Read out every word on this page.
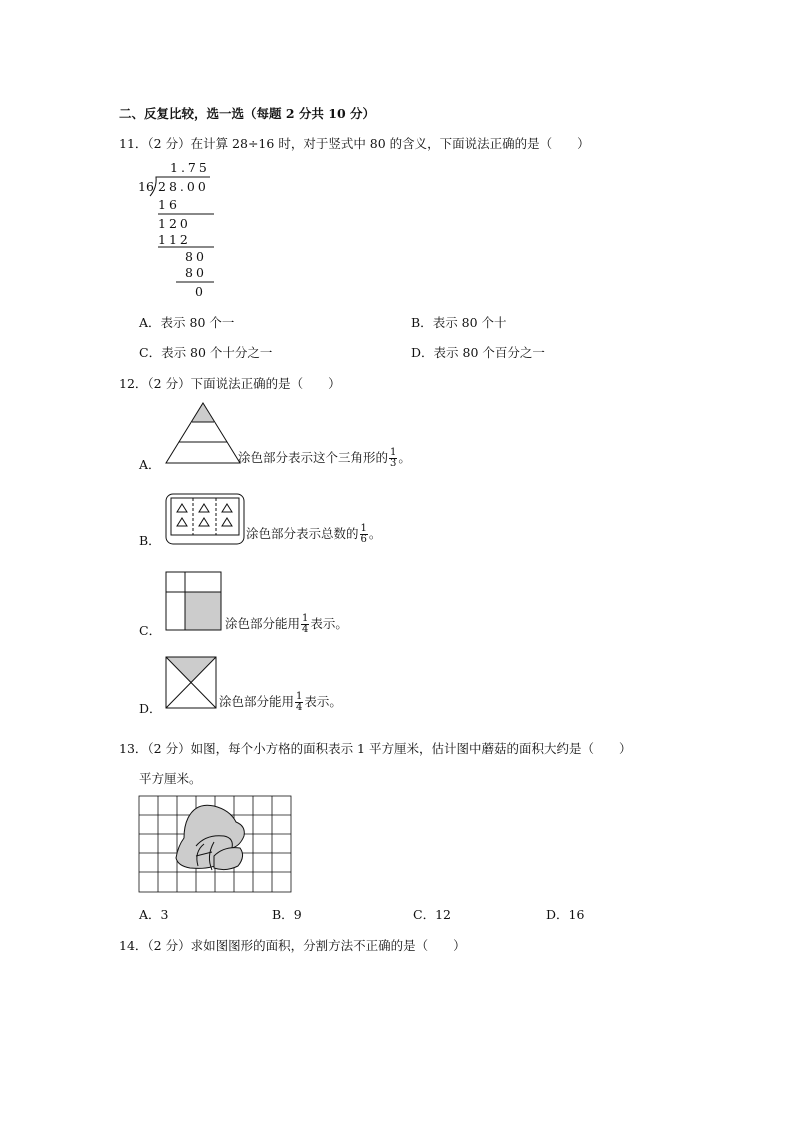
二、反复比较，选一选（每题 2 分共 10 分）
11．（2 分）在计算 28÷16 时，对于竖式中 80 的含义，下面说法正确的是（　　）
1.75
16 28.00
16
120
112
80
80
0
A．表示 80 个一	B．表示 80 个十
C．表示 80 个十分之一	D．表示 80 个百分之一
12．（2 分）下面说法正确的是（　　）
A．	涂色部分表示这个三角形的 $\frac{1}{3}$ 。
B．	涂色部分表示总数的 $\frac{1}{6}$ 。
C．	涂色部分能用 $\frac{1}{4}$ 表示。
D．	涂色部分能用 $\frac{1}{4}$ 表示。
13．（2 分）如图，每个小方格的面积表示 1 平方厘米，估计图中蘑菇的面积大约是（　　）
平方厘米。
A．3	B．9	C．12	D．16
14．（2 分）求如图图形的面积，分割方法不正确的是（　　）
